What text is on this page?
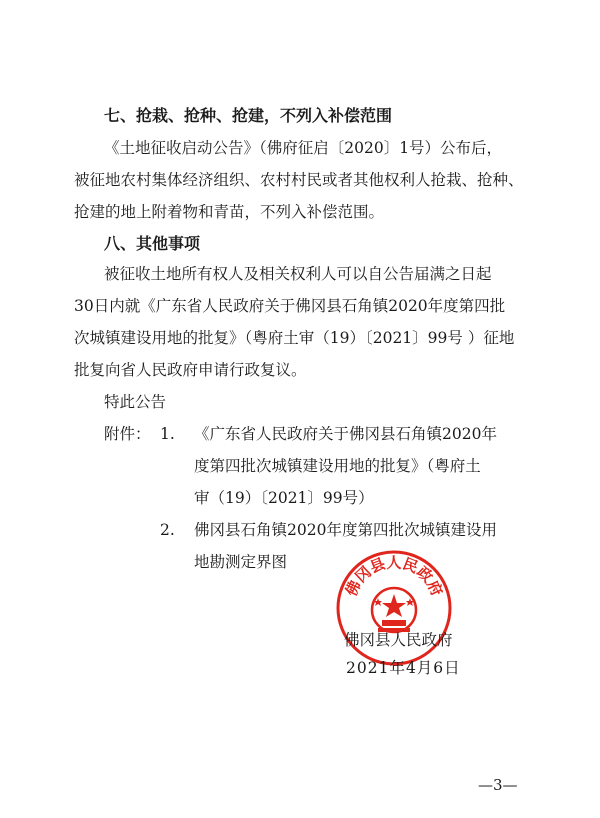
七、抢栽、抢种、抢建，不列入补偿范围
《土地征收启动公告》（佛府征启〔2020〕1号）公布后，
被征地农村集体经济组织、农村村民或者其他权利人抢栽、抢种、
抢建的地上附着物和青苗，不列入补偿范围。
八、其他事项
被征收土地所有权人及相关权利人可以自公告届满之日起
30日内就《广东省人民政府关于佛冈县石角镇2020年度第四批
次城镇建设用地的批复》（粤府土审（19）〔2021〕99号 ）征地
批复向省人民政府申请行政复议。
特此公告
附件： 1. 《广东省人民政府关于佛冈县石角镇2020年
度第四批次城镇建设用地的批复》（粤府土
审（19）〔2021〕99号）
2. 佛冈县石角镇2020年度第四批次城镇建设用
地勘测定界图
佛冈县人民政府
佛冈县人民政府
2021年4月6日
—3—
